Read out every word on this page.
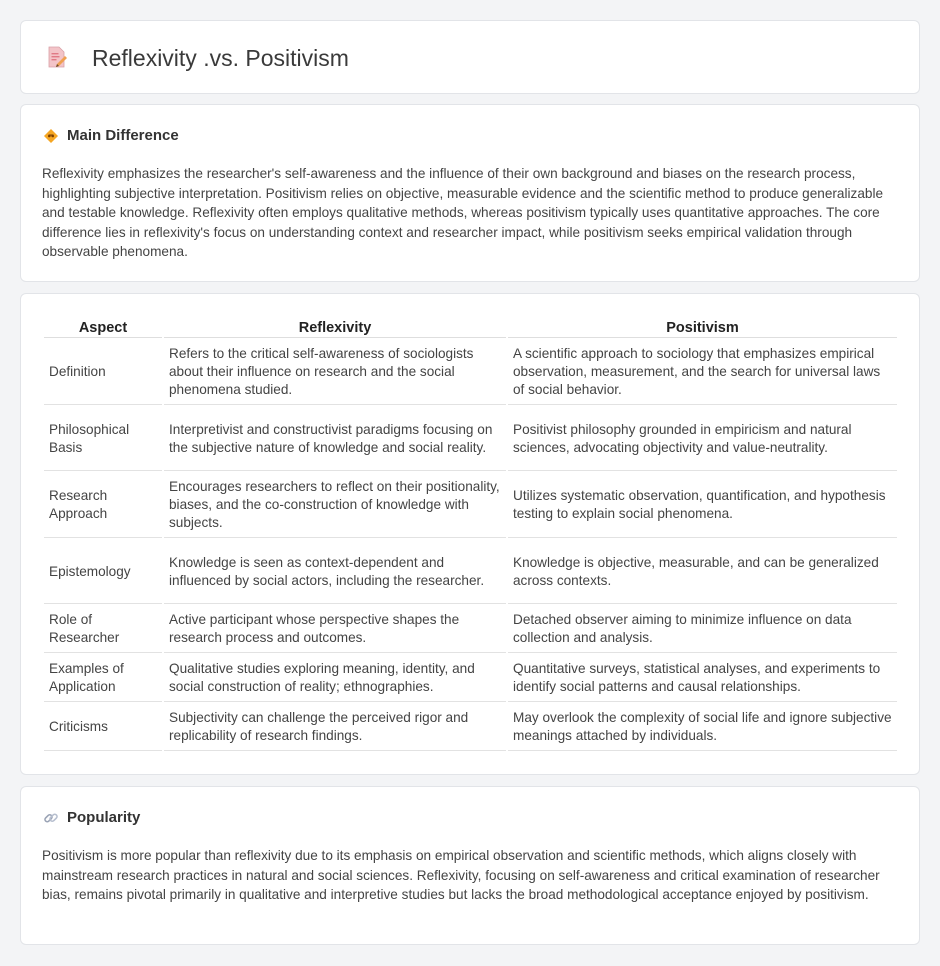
Reflexivity .vs. Positivism
Main Difference

Reflexivity emphasizes the researcher's self-awareness and the influence of their own background and biases on the research process, highlighting subjective interpretation. Positivism relies on objective, measurable evidence and the scientific method to produce generalizable and testable knowledge. Reflexivity often employs qualitative methods, whereas positivism typically uses quantitative approaches. The core difference lies in reflexivity's focus on understanding context and researcher impact, while positivism seeks empirical validation through observable phenomena.

Aspect	Reflexivity	Positivism
Definition	Refers to the critical self-awareness of sociologists about their influence on research and the social phenomena studied.	A scientific approach to sociology that emphasizes empirical observation, measurement, and the search for universal laws of social behavior.
Philosophical Basis	Interpretivist and constructivist paradigms focusing on the subjective nature of knowledge and social reality.	Positivist philosophy grounded in empiricism and natural sciences, advocating objectivity and value-neutrality.
Research Approach	Encourages researchers to reflect on their positionality, biases, and the co-construction of knowledge with subjects.	Utilizes systematic observation, quantification, and hypothesis testing to explain social phenomena.
Epistemology	Knowledge is seen as context-dependent and influenced by social actors, including the researcher.	Knowledge is objective, measurable, and can be generalized across contexts.
Role of Researcher	Active participant whose perspective shapes the research process and outcomes.	Detached observer aiming to minimize influence on data collection and analysis.
Examples of Application	Qualitative studies exploring meaning, identity, and social construction of reality; ethnographies.	Quantitative surveys, statistical analyses, and experiments to identify social patterns and causal relationships.
Criticisms	Subjectivity can challenge the perceived rigor and replicability of research findings.	May overlook the complexity of social life and ignore subjective meanings attached by individuals.
Popularity

Positivism is more popular than reflexivity due to its emphasis on empirical observation and scientific methods, which aligns closely with mainstream research practices in natural and social sciences. Reflexivity, focusing on self-awareness and critical examination of researcher bias, remains pivotal primarily in qualitative and interpretive studies but lacks the broad methodological acceptance enjoyed by positivism.
